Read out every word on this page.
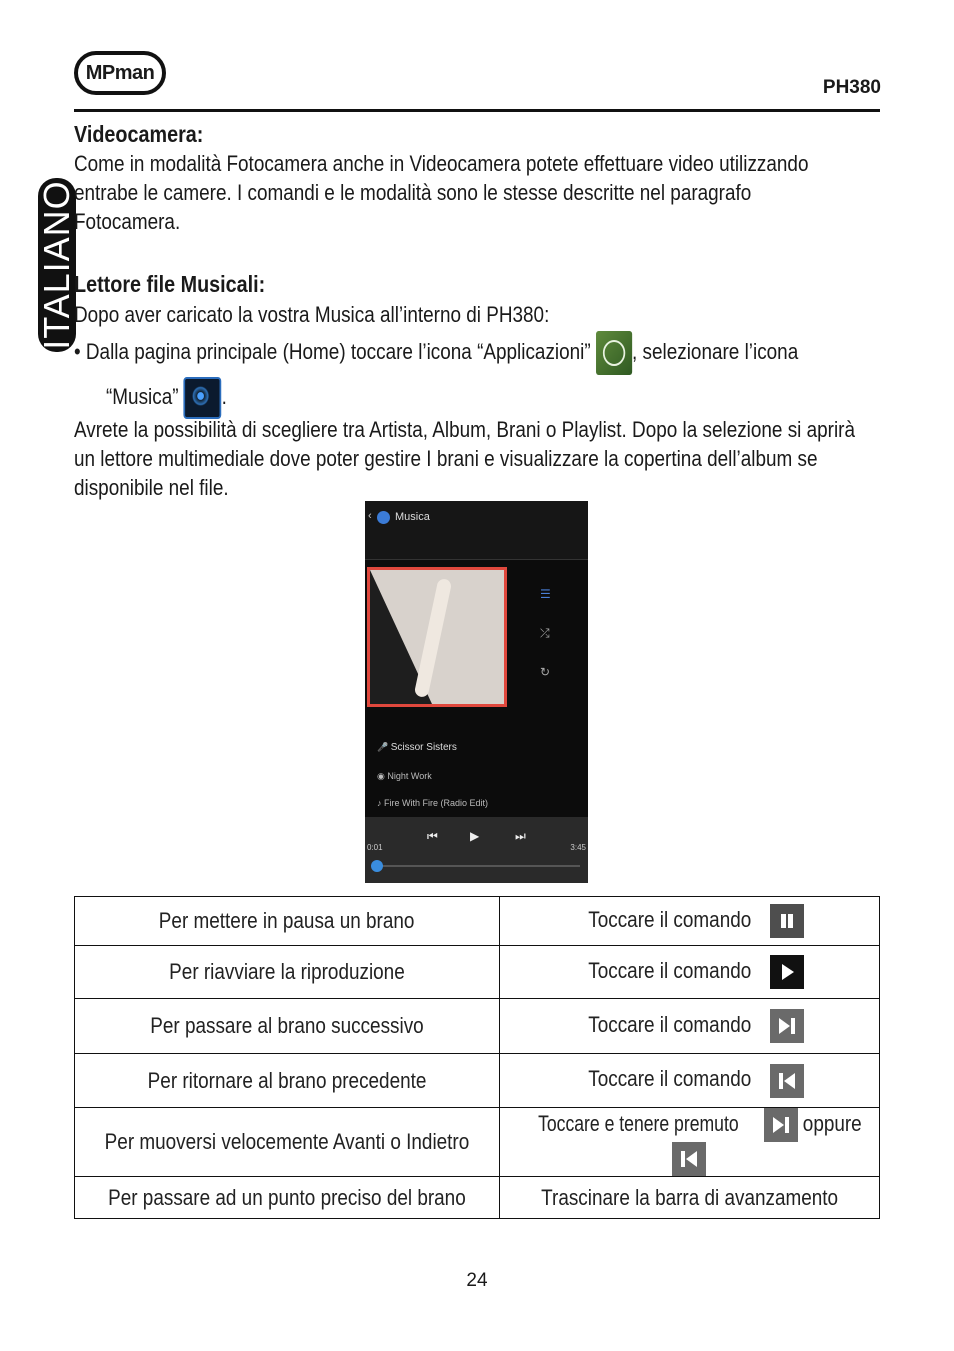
MPman
PH380
ITALIANO
Videocamera:
Come in modalità Fotocamera anche in Videocamera potete effettuare video utilizzando
entrabe le camere. I comandi e le modalità sono le stesse descritte nel paragrafo
Fotocamera.
Lettore file Musicali:
Dopo aver caricato la vostra Musica all’interno di PH380:
• Dalla pagina principale (Home) toccare l’icona “Applicazioni” , selezionare l’icona
“Musica” .
Avrete la possibilità di scegliere tra Artista, Album, Brani o Playlist. Dopo la selezione si aprirà
un lettore multimediale dove poter gestire I brani e visualizzare la copertina dell’album se
disponibile nel file.
‹ Musica
☰
⤮
↻
🎤 Scissor Sisters
◉ Night Work
♪ Fire With Fire (Radio Edit)
⏮	▶	⏭
0:01	3:45
Per mettere in pausa un brano	Toccare il comando
Per riavviare la riproduzione	Toccare il comando
Per passare al brano successivo	Toccare il comando
Per ritornare al brano precedente	Toccare il comando
Per muoversi velocemente Avanti o Indietro	Toccare e tenere premuto oppure
Per passare ad un punto preciso del brano	Trascinare la barra di avanzamento
24
